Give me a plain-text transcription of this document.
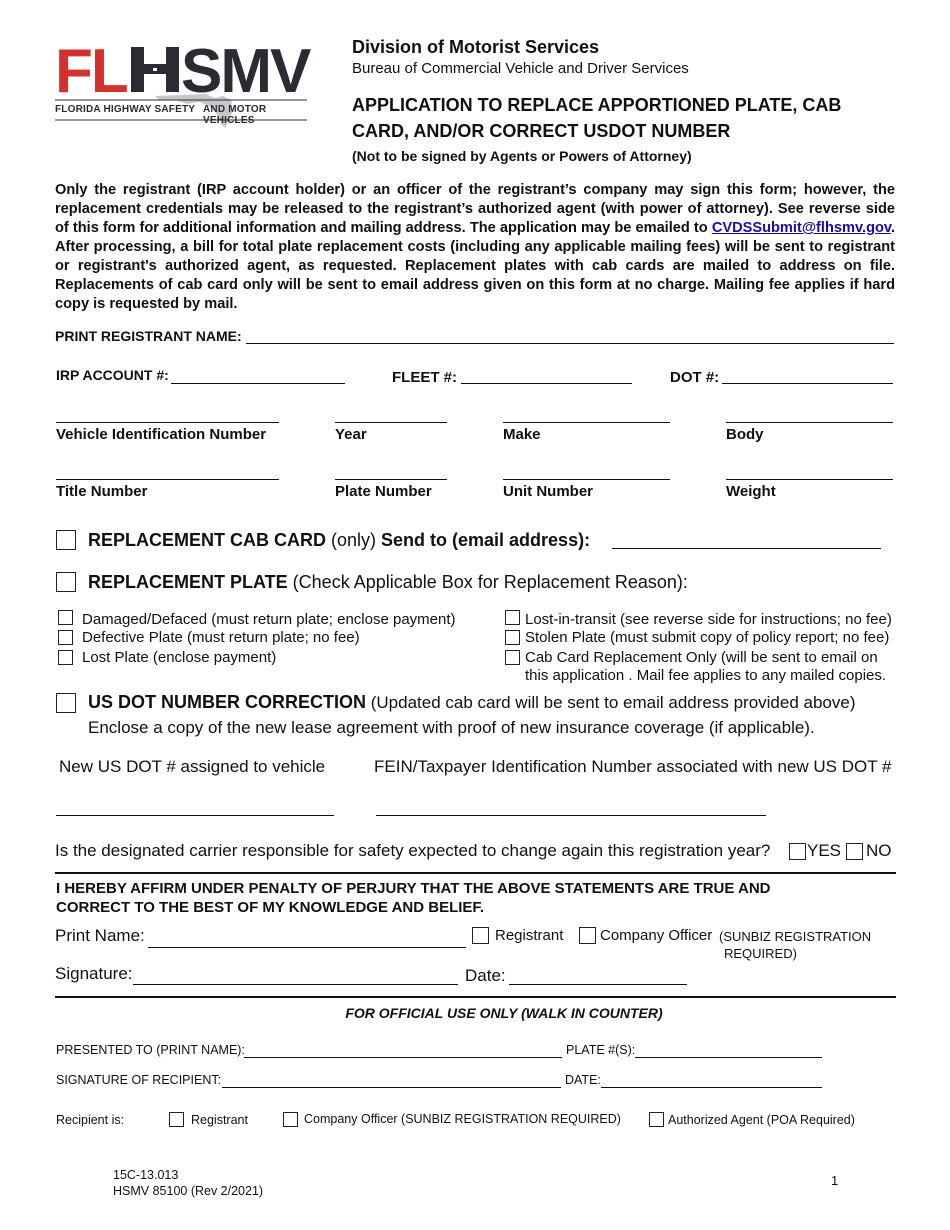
FL SMV
FLORIDA HIGHWAY SAFETY AND MOTOR VEHICLES
Division of Motorist Services
Bureau of Commercial Vehicle and Driver Services
APPLICATION TO REPLACE APPORTIONED PLATE, CAB
CARD, AND/OR CORRECT USDOT NUMBER
(Not to be signed by Agents or Powers of Attorney)
Only the registrant (IRP account holder) or an officer of the registrant’s company may sign this form; however, the replacement credentials may be released to the registrant’s authorized agent (with power of attorney). See reverse side of this form for additional information and mailing address. The application may be emailed to CVDSSubmit@flhsmv.gov. After processing, a bill for total plate replacement costs (including any applicable mailing fees) will be sent to registrant or registrant's authorized agent, as requested. Replacement plates with cab cards are mailed to address on file. Replacements of cab card only will be sent to email address given on this form at no charge. Mailing fee applies if hard copy is requested by mail.
PRINT REGISTRANT NAME:
IRP ACCOUNT #:	FLEET #:	DOT #:
Vehicle Identification Number	Year	Make	Body
Title Number	Plate Number	Unit Number	Weight
REPLACEMENT CAB CARD (only) Send to (email address):
REPLACEMENT PLATE (Check Applicable Box for Replacement Reason):
Damaged/Defaced (must return plate; enclose payment)
Defective Plate (must return plate; no fee)
Lost Plate (enclose payment)
Lost-in-transit (see reverse side for instructions; no fee)
Stolen Plate (must submit copy of policy report; no fee)
Cab Card Replacement Only (will be sent to email on
this application . Mail fee applies to any mailed copies.
US DOT NUMBER CORRECTION (Updated cab card will be sent to email address provided above)
Enclose a copy of the new lease agreement with proof of new insurance coverage (if applicable).
New US DOT # assigned to vehicle	FEIN/Taxpayer Identification Number associated with new US DOT #
Is the designated carrier responsible for safety expected to change again this registration year? YES NO
I HEREBY AFFIRM UNDER PENALTY OF PERJURY THAT THE ABOVE STATEMENTS ARE TRUE AND
CORRECT TO THE BEST OF MY KNOWLEDGE AND BELIEF.
Print Name:	Registrant Company Officer (SUNBIZ REGISTRATION
REQUIRED)
Signature:	Date:
FOR OFFICIAL USE ONLY (WALK IN COUNTER)
PRESENTED TO (PRINT NAME):	PLATE #(S):
SIGNATURE OF RECIPIENT:	DATE:
Recipient is:	Registrant	Company Officer (SUNBIZ REGISTRATION REQUIRED)	Authorized Agent (POA Required)
15C-13.013
HSMV 85100 (Rev 2/2021)
1
